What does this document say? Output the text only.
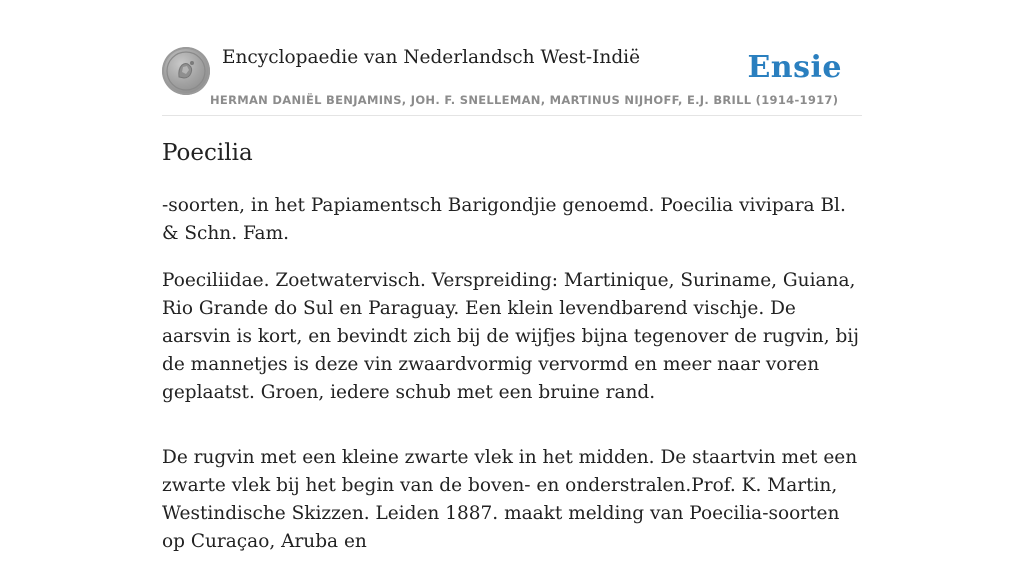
Encyclopaedie van Nederlandsch West-Indië	Ensie
HERMAN DANIËL BENJAMINS, JOH. F. SNELLEMAN, MARTINUS NIJHOFF, E.J. BRILL (1914-1917)
Poecilia

-soorten, in het Papiamentsch Barigondjie genoemd. Poecilia vivipara Bl. & Schn. Fam.

Poeciliidae. Zoetwatervisch. Verspreiding: Martinique, Suriname, Guiana, Rio Grande do Sul en Paraguay. Een klein levendbarend vischje. De aarsvin is kort, en bevindt zich bij de wijfjes bijna tegenover de rugvin, bij de mannetjes is deze vin zwaardvormig vervormd en meer naar voren geplaatst. Groen, iedere schub met een bruine rand.

De rugvin met een kleine zwarte vlek in het midden. De staartvin met een zwarte vlek bij het begin van de boven- en onderstralen.Prof. K. Martin, Westindische Skizzen. Leiden 1887. maakt melding van Poecilia-soorten op Curaçao, Aruba en
